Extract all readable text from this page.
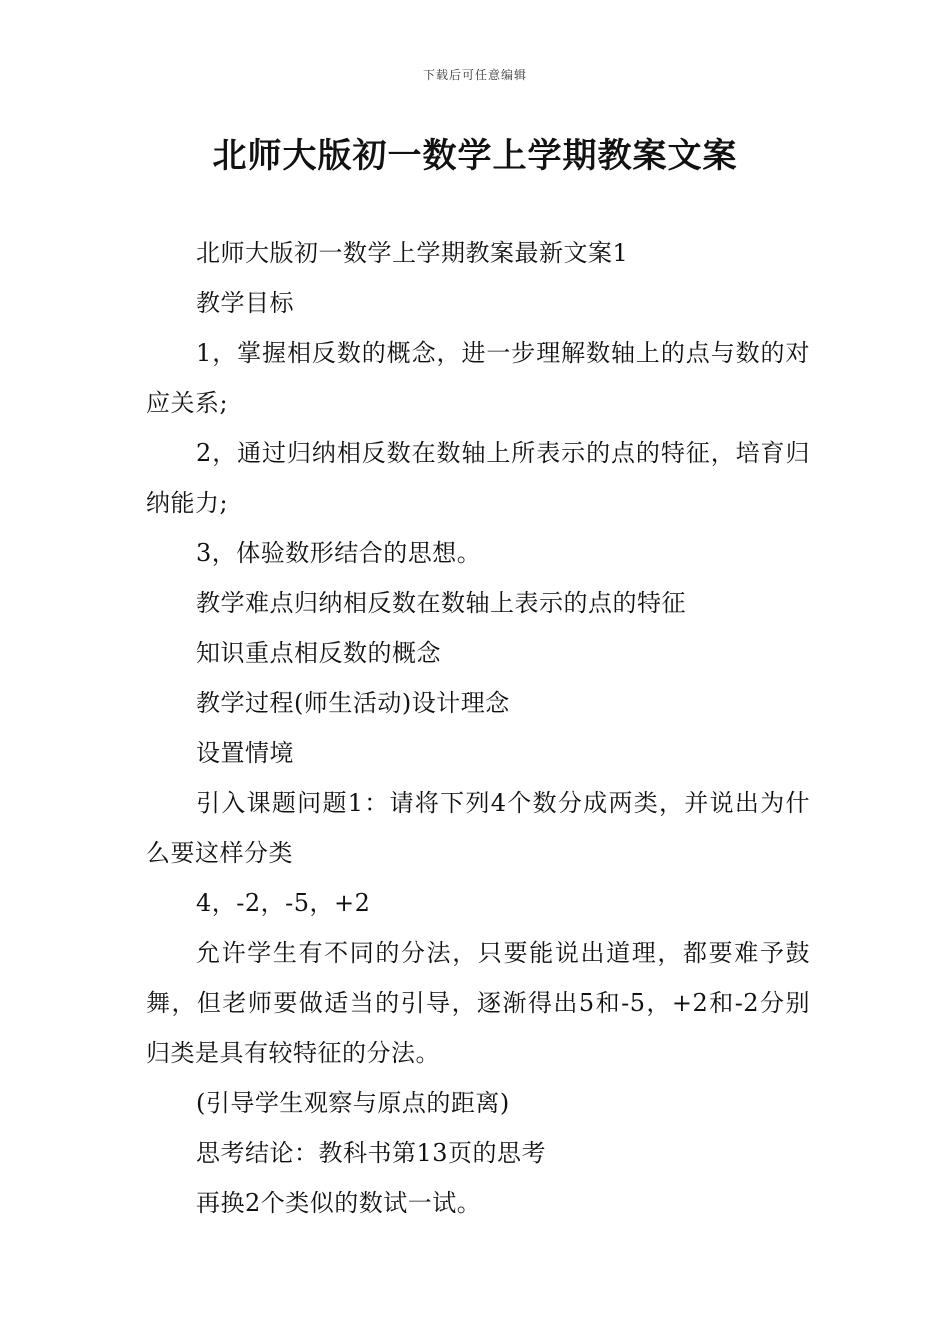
下载后可任意编辑
北师大版初一数学上学期教案文案

北师大版初一数学上学期教案最新文案1

教学目标

1，掌握相反数的概念，进一步理解数轴上的点与数的对应关系;

2，通过归纳相反数在数轴上所表示的点的特征，培育归纳能力;

3，体验数形结合的思想。

教学难点归纳相反数在数轴上表示的点的特征

知识重点相反数的概念

教学过程(师生活动)设计理念

设置情境

引入课题问题1：请将下列4个数分成两类，并说出为什么要这样分类

4，-2，-5，+2

允许学生有不同的分法，只要能说出道理，都要难予鼓舞，但老师要做适当的引导，逐渐得出5和-5，+2和-2分别归类是具有较特征的分法。

(引导学生观察与原点的距离)

思考结论：教科书第13页的思考

再换2个类似的数试一试。
